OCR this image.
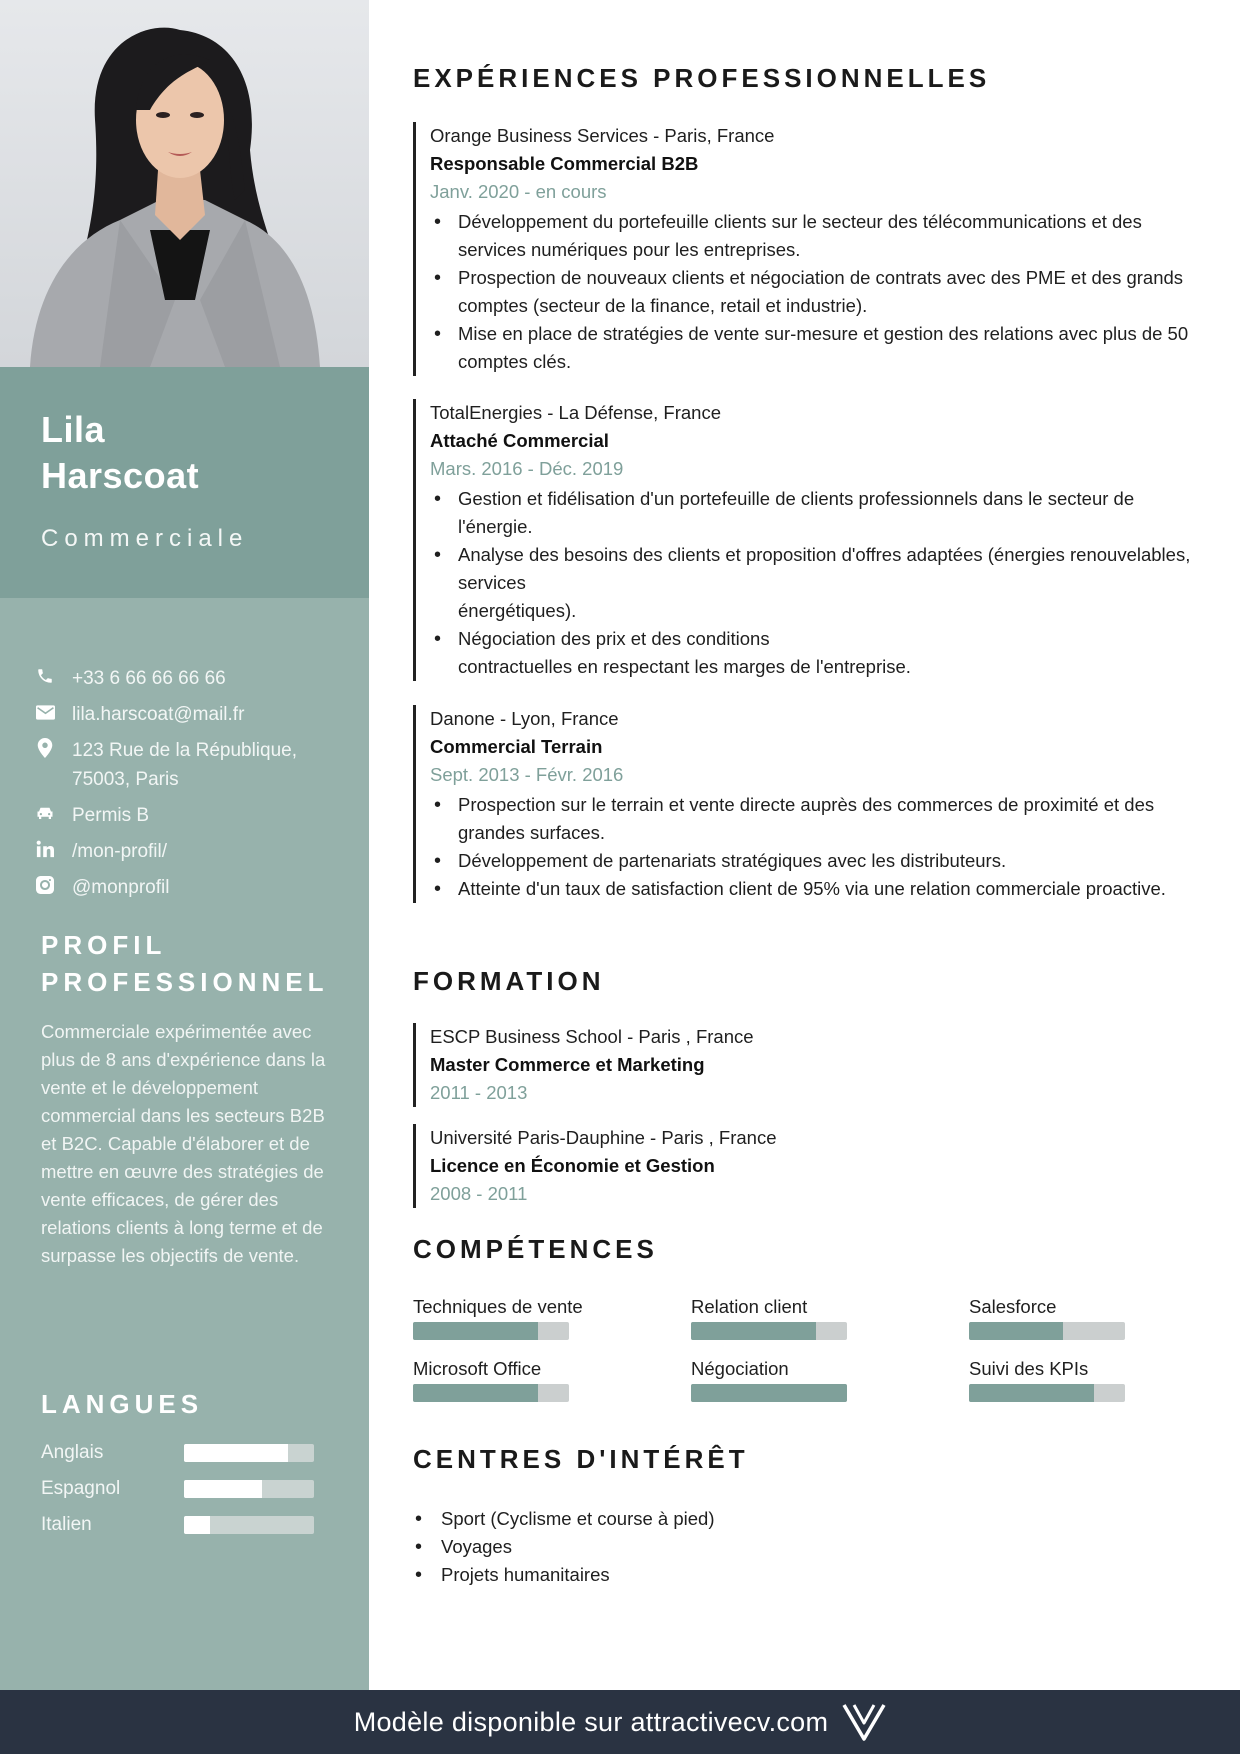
Lila
Harscoat
Commerciale
+33 6 66 66 66 66
lila.harscoat@mail.fr
123 Rue de la République,
75003, Paris
Permis B
/mon-profil/
@monprofil
PROFIL
PROFESSIONNEL
Commerciale expérimentée avec plus de 8 ans d'expérience dans la vente et le développement commercial dans les secteurs B2B et B2C. Capable d'élaborer et de mettre en œuvre des stratégies de vente efficaces, de gérer des relations clients à long terme et de surpasse les objectifs de vente.
LANGUES
Anglais
Espagnol
Italien
EXPÉRIENCES PROFESSIONNELLES
Orange Business Services - Paris, France
Responsable Commercial B2B
Janv. 2020 - en cours
• Développement du portefeuille clients sur le secteur des télécommunications et des services numériques pour les entreprises.
• Prospection de nouveaux clients et négociation de contrats avec des PME et des grands comptes (secteur de la finance, retail et industrie).
• Mise en place de stratégies de vente sur-mesure et gestion des relations avec plus de 50 comptes clés.
TotalEnergies - La Défense, France
Attaché Commercial
Mars. 2016 - Déc. 2019
• Gestion et fidélisation d'un portefeuille de clients professionnels dans le secteur de l'énergie.
• Analyse des besoins des clients et proposition d'offres adaptées (énergies renouvelables, services
énergétiques).
• Négociation des prix et des conditions
contractuelles en respectant les marges de l'entreprise.
Danone - Lyon, France
Commercial Terrain
Sept. 2013 - Févr. 2016
• Prospection sur le terrain et vente directe auprès des commerces de proximité et des grandes surfaces.
• Développement de partenariats stratégiques avec les distributeurs.
• Atteinte d'un taux de satisfaction client de 95% via une relation commerciale proactive.
FORMATION
ESCP Business School - Paris , France
Master Commerce et Marketing
2011 - 2013
Université Paris-Dauphine - Paris , France
Licence en Économie et Gestion
2008 - 2011
COMPÉTENCES
Techniques de vente	Relation client	Salesforce
Microsoft Office	Négociation	Suivi des KPIs
CENTRES D'INTÉRÊT
• Sport (Cyclisme et course à pied)
• Voyages
• Projets humanitaires
Modèle disponible sur attractivecv.com
